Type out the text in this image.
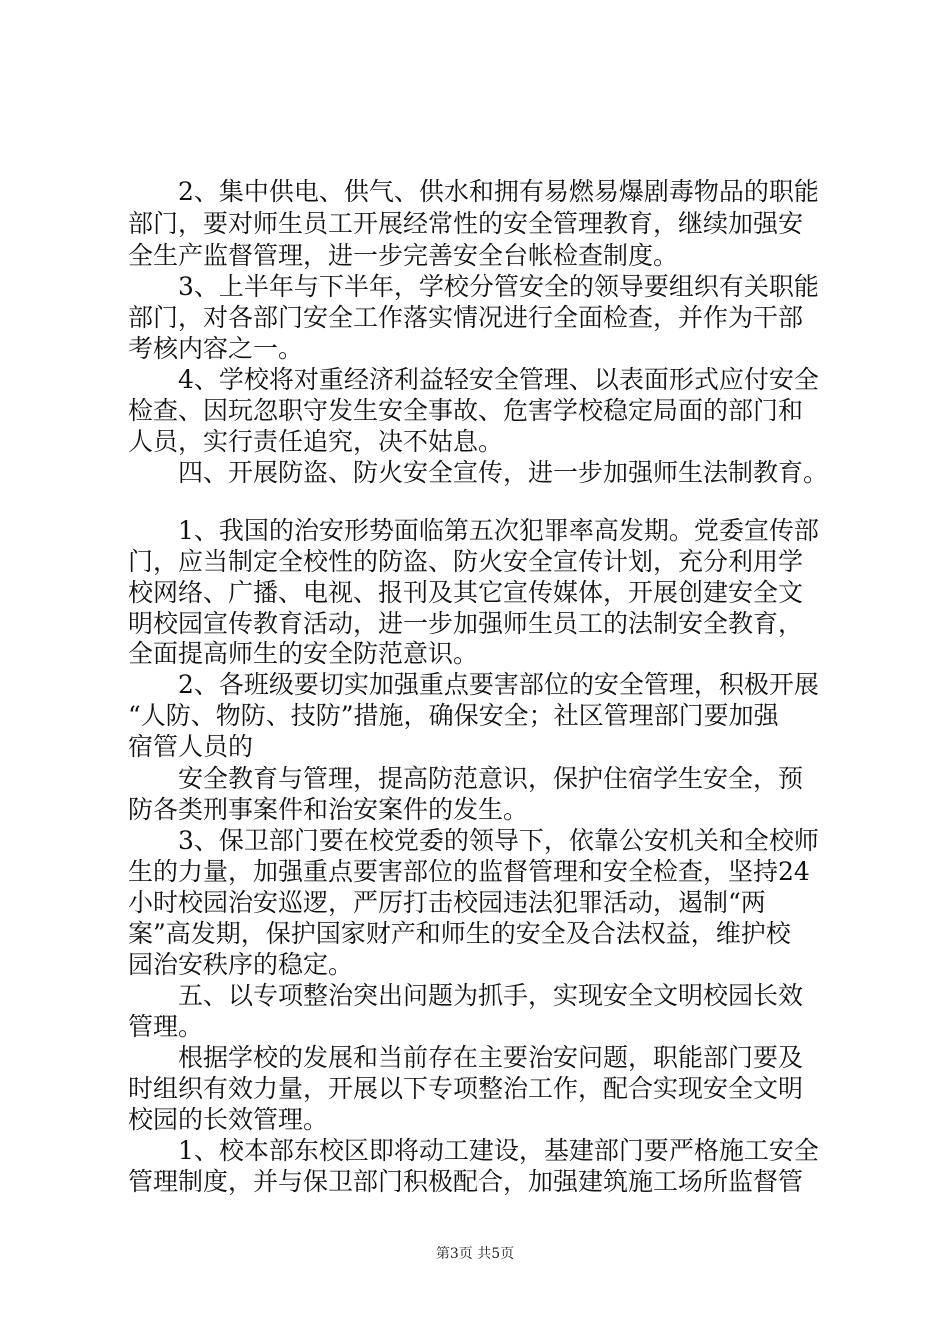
2、集中供电、供气、供水和拥有易燃易爆剧毒物品的职能
部门，要对师生员工开展经常性的安全管理教育，继续加强安
全生产监督管理，进一步完善安全台帐检查制度。
3、上半年与下半年，学校分管安全的领导要组织有关职能
部门，对各部门安全工作落实情况进行全面检查，并作为干部
考核内容之一。
4、学校将对重经济利益轻安全管理、以表面形式应付安全
检查、因玩忽职守发生安全事故、危害学校稳定局面的部门和
人员，实行责任追究，决不姑息。
四、开展防盗、防火安全宣传，进一步加强师生法制教育。
1、我国的治安形势面临第五次犯罪率高发期。党委宣传部
门，应当制定全校性的防盗、防火安全宣传计划，充分利用学
校网络、广播、电视、报刊及其它宣传媒体，开展创建安全文
明校园宣传教育活动，进一步加强师生员工的法制安全教育，
全面提高师生的安全防范意识。
2、各班级要切实加强重点要害部位的安全管理，积极开展
“人防、物防、技防”措施，确保安全；社区管理部门要加强
宿管人员的
安全教育与管理，提高防范意识，保护住宿学生安全，预
防各类刑事案件和治安案件的发生。
3、保卫部门要在校党委的领导下，依靠公安机关和全校师
生的力量，加强重点要害部位的监督管理和安全检查，坚持24
小时校园治安巡逻，严厉打击校园违法犯罪活动，遏制“两
案”高发期，保护国家财产和师生的安全及合法权益，维护校
园治安秩序的稳定。
五、以专项整治突出问题为抓手，实现安全文明校园长效
管理。
根据学校的发展和当前存在主要治安问题，职能部门要及
时组织有效力量，开展以下专项整治工作，配合实现安全文明
校园的长效管理。
1、校本部东校区即将动工建设，基建部门要严格施工安全
管理制度，并与保卫部门积极配合，加强建筑施工场所监督管
第3页 共5页
